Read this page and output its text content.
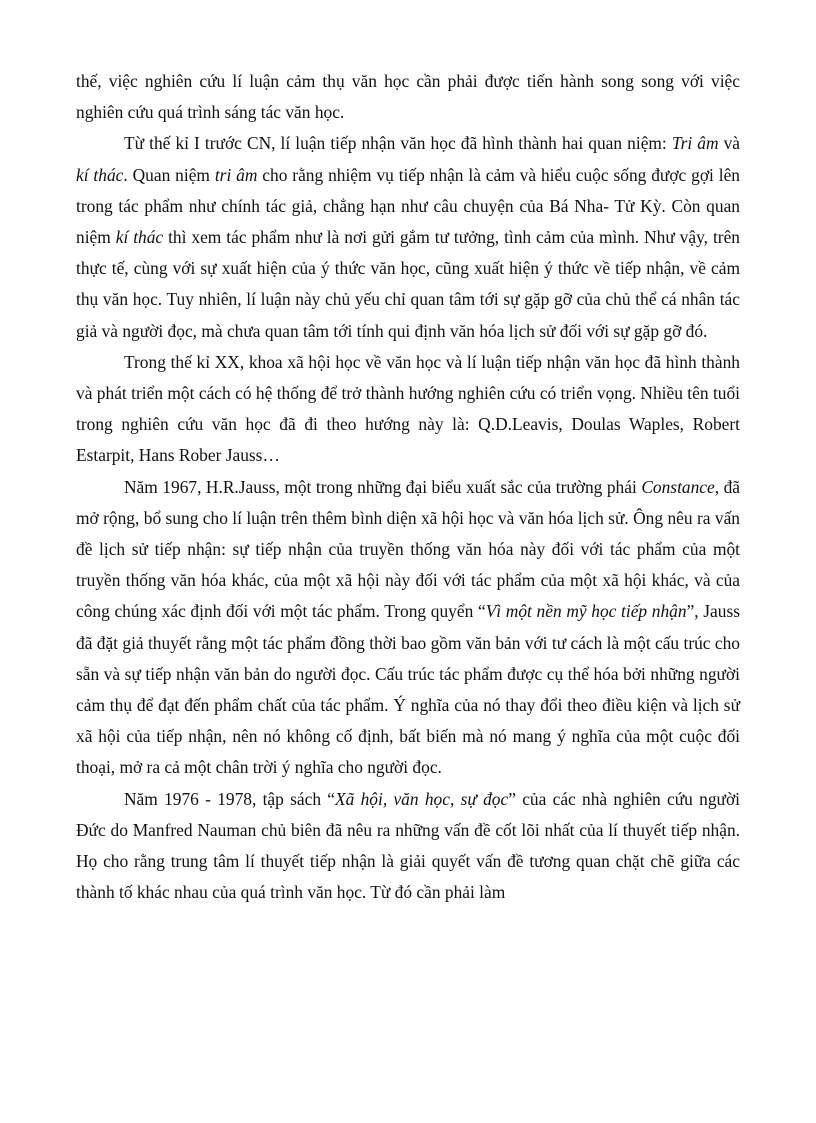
thế, việc nghiên cứu lí luận cảm thụ văn học cần phải được tiến hành song song với việc nghiên cứu quá trình sáng tác văn học.

Từ thế kỉ I trước CN, lí luận tiếp nhận văn học đã hình thành hai quan niệm: Tri âm và kí thác. Quan niệm tri âm cho rằng nhiệm vụ tiếp nhận là cảm và hiểu cuộc sống được gợi lên trong tác phẩm như chính tác giả, chẳng hạn như câu chuyện của Bá Nha- Tử Kỳ. Còn quan niệm kí thác thì xem tác phẩm như là nơi gửi gắm tư tưởng, tình cảm của mình. Như vậy, trên thực tế, cùng với sự xuất hiện của ý thức văn học, cũng xuất hiện ý thức về tiếp nhận, về cảm thụ văn học. Tuy nhiên, lí luận này chủ yếu chỉ quan tâm tới sự gặp gỡ của chủ thể cá nhân tác giả và người đọc, mà chưa quan tâm tới tính qui định văn hóa lịch sử đối với sự gặp gỡ đó.

Trong thế kỉ XX, khoa xã hội học về văn học và lí luận tiếp nhận văn học đã hình thành và phát triển một cách có hệ thống để trở thành hướng nghiên cứu có triển vọng. Nhiều tên tuổi trong nghiên cứu văn học đã đi theo hướng này là: Q.D.Leavis, Doulas Waples, Robert Estarpit, Hans Rober Jauss…

Năm 1967, H.R.Jauss, một trong những đại biểu xuất sắc của trường phái Constance, đã mở rộng, bổ sung cho lí luận trên thêm bình diện xã hội học và văn hóa lịch sử. Ông nêu ra vấn đề lịch sử tiếp nhận: sự tiếp nhận của truyền thống văn hóa này đối với tác phẩm của một truyền thống văn hóa khác, của một xã hội này đối với tác phẩm của một xã hội khác, và của công chúng xác định đối với một tác phẩm. Trong quyển “Vì một nền mỹ học tiếp nhận”, Jauss đã đặt giả thuyết rằng một tác phẩm đồng thời bao gồm văn bản với tư cách là một cấu trúc cho sẵn và sự tiếp nhận văn bản do người đọc. Cấu trúc tác phẩm được cụ thể hóa bởi những người cảm thụ để đạt đến phẩm chất của tác phẩm. Ý nghĩa của nó thay đổi theo điều kiện và lịch sử xã hội của tiếp nhận, nên nó không cố định, bất biến mà nó mang ý nghĩa của một cuộc đối thoại, mở ra cả một chân trời ý nghĩa cho người đọc.

Năm 1976 - 1978, tập sách “Xã hội, văn học, sự đọc” của các nhà nghiên cứu người Đức do Manfred Nauman chủ biên đã nêu ra những vấn đề cốt lõi nhất của lí thuyết tiếp nhận. Họ cho rằng trung tâm lí thuyết tiếp nhận là giải quyết vấn đề tương quan chặt chẽ giữa các thành tố khác nhau của quá trình văn học. Từ đó cần phải làm
